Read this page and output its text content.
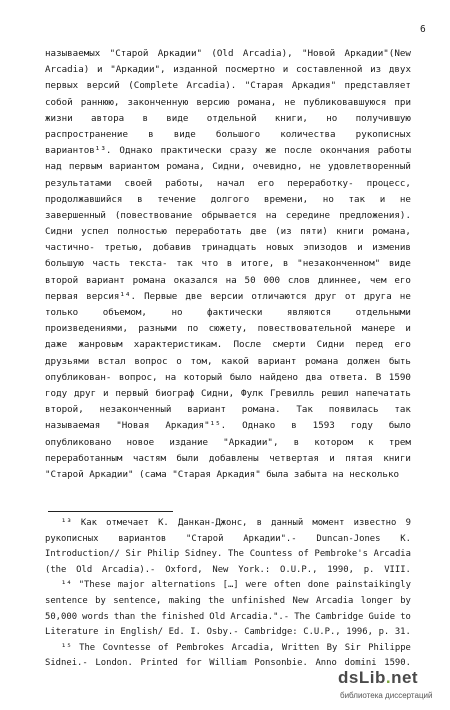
6
называемых "Старой Аркадии" (Old Arcadia), "Новой Аркадии"(New
Arcadia) и "Аркадии", изданной посмертно и составленной из двух
первых версий (Complete Arcadia). "Старая Аркадия" представляет
собой раннюю, законченную версию романа, не публиковавшуюся при
жизни автора в виде отдельной книги, но получившую
распространение в виде большого количества рукописных
вариантов¹³. Однако практически сразу же после окончания работы
над первым вариантом романа, Сидни, очевидно, не удовлетворенный
результатами своей работы, начал его переработку- процесс,
продолжавшийся в течение долгого времени, но так и не
завершенный (повествование обрывается на середине предложения).
Сидни успел полностью переработать две (из пяти) книги романа,
частично- третью, добавив тринадцать новых эпизодов и изменив
большую часть текста- так что в итоге, в "незаконченном" виде
второй вариант романа оказался на 50 000 слов длиннее, чем его
первая версия¹⁴. Первые две версии отличаются друг от друга не
только	объемом,	но	фактически	являются	отдельными
произведениями, разными по сюжету, повествовательной манере и
даже жанровым характеристикам. После смерти Сидни перед его
друзьями встал вопрос о том, какой вариант романа должен быть
опубликован- вопрос, на который было найдено два ответа. В 1590
году друг и первый биограф Сидни, Фулк Гревилль решил напечатать
второй, незаконченный вариант романа. Так появилась так
называемая "Новая Аркадия"¹⁵. Однако в 1593 году было
опубликовано новое издание "Аркадии", в котором к трем
переработанным частям были добавлены четвертая и пятая книги
"Старой Аркадии" (сама "Старая Аркадия" была забыта на несколько
¹³ Как отмечает К. Данкан-Джонс, в данный момент известно 9
рукописных вариантов "Старой Аркадии".- Duncan-Jones K.
Introduction// Sir Philip Sidney. The Countess of Pembroke's Arcadia
(the Old Arcadia).- Oxford, New York.: O.U.P., 1990, p. VIII.
¹⁴ "These major alternations […] were often done painstaikingly
sentence by sentence, making the unfinished New Arcadia longer by
50,000 words than the finished Old Arcadia.".- The Cambridge Guide to
Literature in English/ Ed. I. Osby.- Cambridge: C.U.P., 1996, p. 31.
¹⁵ The Covntesse of Pembrokes Arcadia, Written By Sir Philippe
Sidnei.- London. Printed for William Ponsonbie. Anno domini 1590.
dsLib.net
библиотека диссертаций
